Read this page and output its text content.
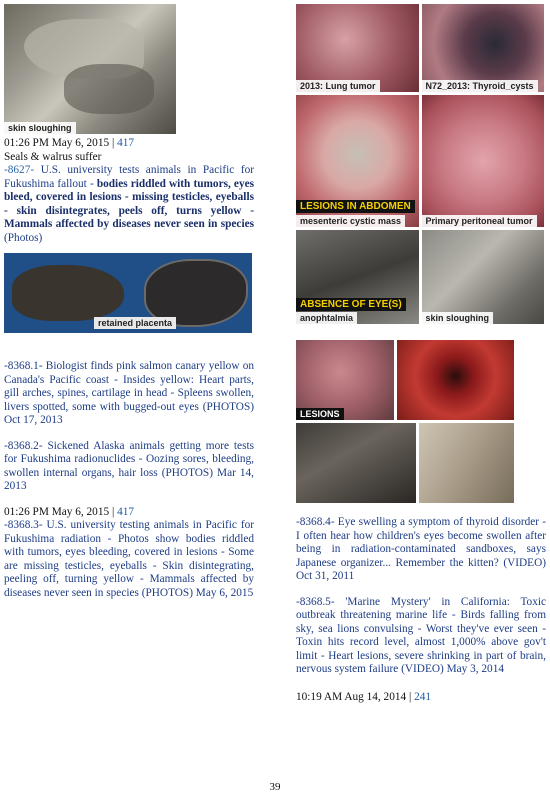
skin sloughing
01:26 PM May 6, 2015 | 417
Seals & walrus suffer

-8627- U.S. university tests animals in Pacific for Fukushima fallout - bodies riddled with tumors, eyes bleed, covered in lesions - missing testicles, eyeballs - skin disintegrates, peels off, turns yellow - Mammals affected by diseases never seen in species (Photos)

retained placenta

-8368.1- Biologist finds pink salmon canary yellow on Canada's Pacific coast - Insides yellow: Heart parts, gill arches, spines, cartilage in head - Spleens swollen, livers spotted, some with bugged-out eyes (PHOTOS) Oct 17, 2013

-8368.2- Sickened Alaska animals getting more tests for Fukushima radionuclides - Oozing sores, bleeding, swollen internal organs, hair loss (PHOTOS) Mar 14, 2013

01:26 PM May 6, 2015 | 417

-8368.3- U.S. university testing animals in Pacific for Fukushima radiation - Photos show bodies riddled with tumors, eyes bleeding, covered in lesions - Some are missing testicles, eyeballs - Skin disintegrating, peeling off, turning yellow - Mammals affected by diseases never seen in species (PHOTOS) May 6, 2015

2013: Lung tumor	N72_2013: Thyroid_cysts
LESIONS IN ABDOMEN
mesenteric cystic mass	Primary peritoneal tumor
ABSENCE OF EYE(S)
anophtalmia	skin sloughing
LESIONS

-8368.4- Eye swelling a symptom of thyroid disorder - I often hear how children's eyes become swollen after being in radiation-contaminated sandboxes, says Japanese organizer... Remember the kitten? (VIDEO) Oct 31, 2011

-8368.5- 'Marine Mystery' in California: Toxic outbreak threatening marine life - Birds falling from sky, sea lions convulsing - Worst they've ever seen - Toxin hits record level, almost 1,000% above gov't limit - Heart lesions, severe shrinking in part of brain, nervous system failure (VIDEO) May 3, 2014

10:19 AM Aug 14, 2014 | 241
39
